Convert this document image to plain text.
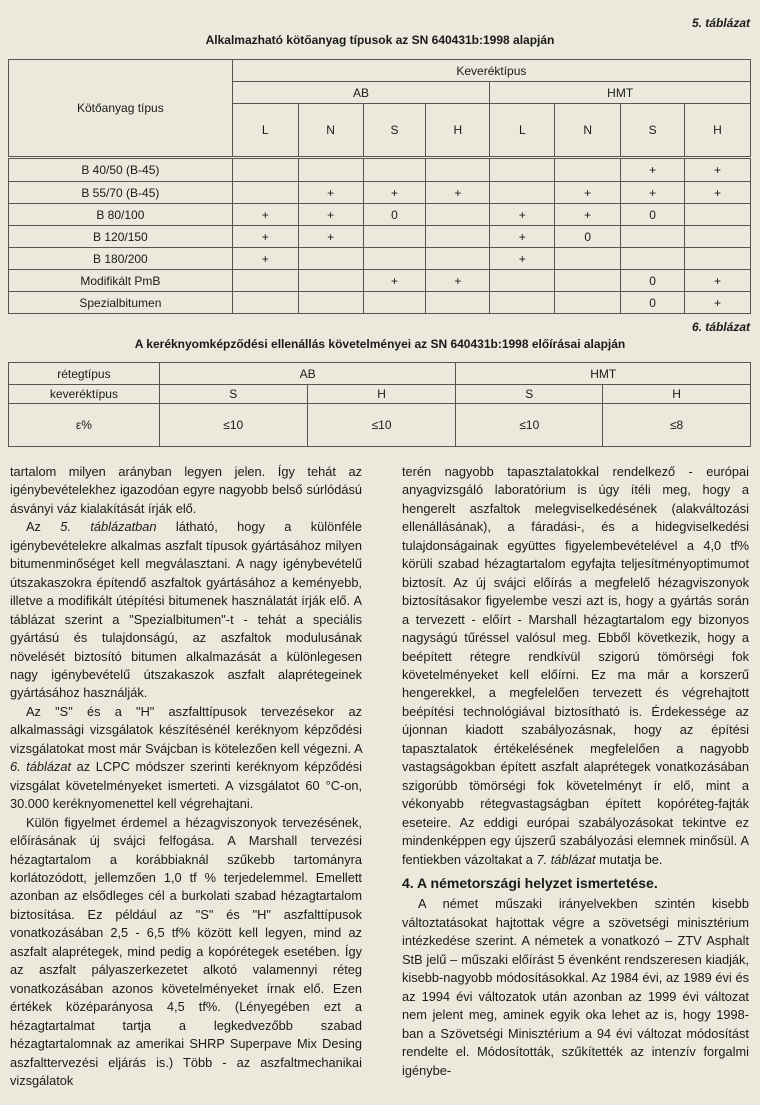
5. táblázat
Alkalmazható kötőanyag típusok az SN 640431b:1998 alapján
Kötőanyag típus	Keveréktípus							
	AB				HMT			
	L	N	S	H	L	N	S	H
B 40/50 (B-45)							+	+
B 55/70 (B-45)		+	+	+		+	+	+
B 80/100	+	+	0		+	+	0	
B 120/150	+	+			+	0		
B 180/200	+				+			
Modifikált PmB			+	+			0	+
Spezialbitumen							0	+
6. táblázat
A keréknyomképződési ellenállás követelményei az SN 640431b:1998 előírásai alapján
rétegtípus	AB		HMT	
keveréktípus	S	H	S	H
ε%	≤10	≤10	≤10	≤8

tartalom milyen arányban legyen jelen. Így tehát az igénybevételekhez igazodóan egyre nagyobb belső súrlódású ásványi váz kialakítását írják elő.

Az 5. táblázatban látható, hogy a különféle igénybevételekre alkalmas aszfalt típusok gyártásához milyen bitumenminőséget kell megválasztani. A nagy igénybevételű útszakaszokra építendő aszfaltok gyártásához a keményebb, illetve a modifikált útépítési bitumenek használatát írják elő. A táblázat szerint a "Spezialbitumen"-t - tehát a speciális gyártású és tulajdonságú, az aszfaltok modulusának növelését biztosító bitumen alkalmazását a különlegesen nagy igénybevételű útszakaszok aszfalt alaprétegeinek gyártásához használják.

Az "S" és a "H" aszfalttípusok tervezésekor az alkalmassági vizsgálatok készítésénél keréknyom képződési vizsgálatokat most már Svájcban is kötelezően kell végezni. A 6. táblázat az LCPC módszer szerinti keréknyom képződési vizsgálat követelményeket ismerteti. A vizsgálatot 60 °C-on, 30.000 keréknyomenettel kell végrehajtani.

Külön figyelmet érdemel a hézagviszonyok tervezésének, előírásának új svájci felfogása. A Marshall tervezési hézagtartalom a korábbiaknál szűkebb tartományra korlátozódott, jellemzően 1,0 tf % terjedelemmel. Emellett azonban az elsődleges cél a burkolati szabad hézagtartalom biztosítása. Ez például az "S" és "H" aszfalttípusok vonatkozásában 2,5 - 6,5 tf% között kell legyen, mind az aszfalt alaprétegek, mind pedig a kopórétegek esetében. Így az aszfalt pályaszerkezetet alkotó valamennyi réteg vonatkozásában azonos követelményeket írnak elő. Ezen értékek középarányosa 4,5 tf%. (Lényegében ezt a hézagtartalmat tartja a legkedvezőbb szabad hézagtartalomnak az amerikai SHRP Superpave Mix Desing aszfalttervezési eljárás is.) Több - az aszfaltmechanikai vizsgálatok

terén nagyobb tapasztalatokkal rendelkező - európai anyagvizsgáló laboratórium is úgy ítéli meg, hogy a hengerelt aszfaltok melegviselkedésének (alakváltozási ellenállásának), a fáradási-, és a hidegviselkedési tulajdonságainak együttes figyelembevételével a 4,0 tf% körüli szabad hézagtartalom egyfajta teljesítményoptimumot biztosít. Az új svájci előírás a megfelelő hézagviszonyok biztosításakor figyelembe veszi azt is, hogy a gyártás során a tervezett - előírt - Marshall hézagtartalom egy bizonyos nagyságú tűréssel valósul meg. Ebből következik, hogy a beépített rétegre rendkívül szigorú tömörségi fok követelményeket kell előírni. Ez ma már a korszerű hengerekkel, a megfelelően tervezett és végrehajtott beépítési technológiával biztosítható is. Érdekessége az újonnan kiadott szabályozásnak, hogy az építési tapasztalatok értékelésének megfelelően a nagyobb vastagságokban épített aszfalt alaprétegek vonatkozásában szigorúbb tömörségi fok követelményt ír elő, mint a vékonyabb rétegvastagságban épített kopóréteg-fajták eseteire. Az eddigi európai szabályozásokat tekintve ez mindenképpen egy újszerű szabályozási elemnek minősül. A fentiekben vázoltakat a 7. táblázat mutatja be.

4. A németországi helyzet ismertetése.

A német műszaki irányelvekben szintén kisebb változtatásokat hajtottak végre a szövetségi minisztérium intézkedése szerint. A németek a vonatkozó – ZTV Asphalt StB jelű – műszaki előírást 5 évenként rendszeresen kiadják, kisebb-nagyobb módosításokkal. Az 1984 évi, az 1989 évi és az 1994 évi változatok után azonban az 1999 évi változat nem jelent meg, aminek egyik oka lehet az is, hogy 1998-ban a Szövetségi Minisztérium a 94 évi változat módosítást rendelte el. Módosították, szűkítették az intenzív forgalmi igénybe-
